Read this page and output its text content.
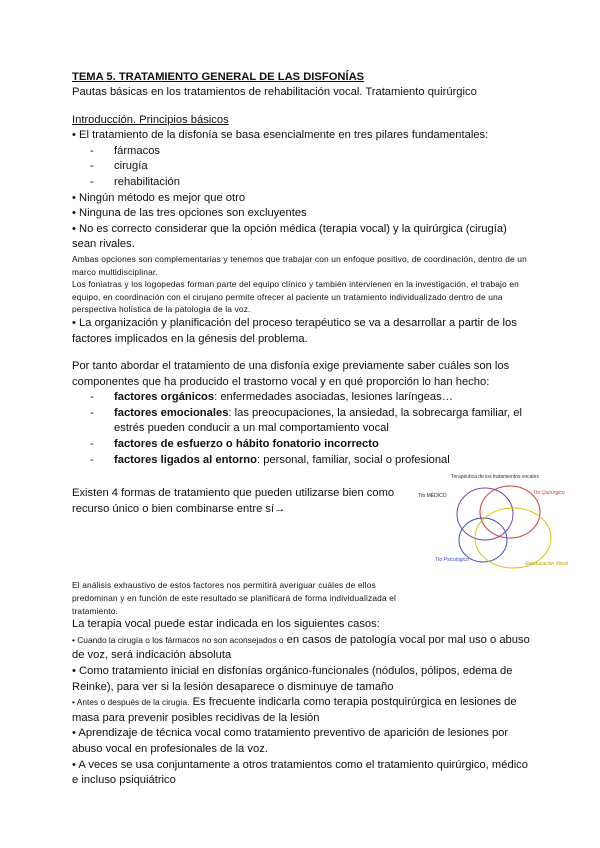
TEMA 5. TRATAMIENTO GENERAL DE LAS DISFONÍAS

Pautas básicas en los tratamientos de rehabilitación vocal. Tratamiento quirúrgico

Introducción. Principios básicos

• El tratamiento de la disfonía se basa esencialmente en tres pilares fundamentales:

- fármacos
- cirugía
- rehabilitación

• Ningún método es mejor que otro

• Ninguna de las tres opciones son excluyentes

• No es correcto considerar que la opción médica (terapia vocal) y la quirúrgica (cirugía) sean rivales.

Ambas opciones son complementarias y tenemos que trabajar con un enfoque positivo, de coordinación, dentro de un marco multidisciplinar.

Los foniatras y los logopedas forman parte del equipo clínico y también intervienen en la investigación, el trabajo en equipo, en coordinación con el cirujano permite ofrecer al paciente un tratamiento individualizado dentro de una perspectiva holística de la patología de la voz.

• La organización y planificación del proceso terapéutico se va a desarrollar a partir de los factores implicados en la génesis del problema.

Por tanto abordar el tratamiento de una disfonía exige previamente saber cuáles son los componentes que ha producido el trastorno vocal y en qué proporción lo han hecho:

- factores orgánicos: enfermedades asociadas, lesiones laríngeas…
- factores emocionales: las preocupaciones, la ansiedad, la sobrecarga familiar, el estrés pueden conducir a un mal comportamiento vocal
- factores de esfuerzo o hábito fonatorio incorrecto
- factores ligados al entorno: personal, familiar, social o profesional

Existen 4 formas de tratamiento que pueden utilizarse bien como recurso único o bien combinarse entre sí→

El análisis exhaustivo de estos factores nos permitirá averiguar cuáles de ellos predominan y en función de este resultado se planificará de forma individualizada el tratamiento.

La terapia vocal puede estar indicada en los siguientes casos:

• Cuando la cirugía o los fármacos no son aconsejados o en casos de patología vocal por mal uso o abuso de voz, será indicación absoluta

• Como tratamiento inicial en disfonías orgánico-funcionales (nódulos, pólipos, edema de Reinke), para ver si la lesión desaparece o disminuye de tamaño

• Antes o después de la cirugía. Es frecuente indicarla como terapia postquirúrgica en lesiones de masa para prevenir posibles recidivas de la lesión

• Aprendizaje de técnica vocal como tratamiento preventivo de aparición de lesiones por abuso vocal en profesionales de la voz.

• A veces se usa conjuntamente a otros tratamientos como el tratamiento quirúrgico, médico e incluso psiquiátrico

Terapéutica de los tratamientos vocales
Tto MÉDICO	Tto Quirúrgico
Tto Psicológico
Reeducación Vocal
